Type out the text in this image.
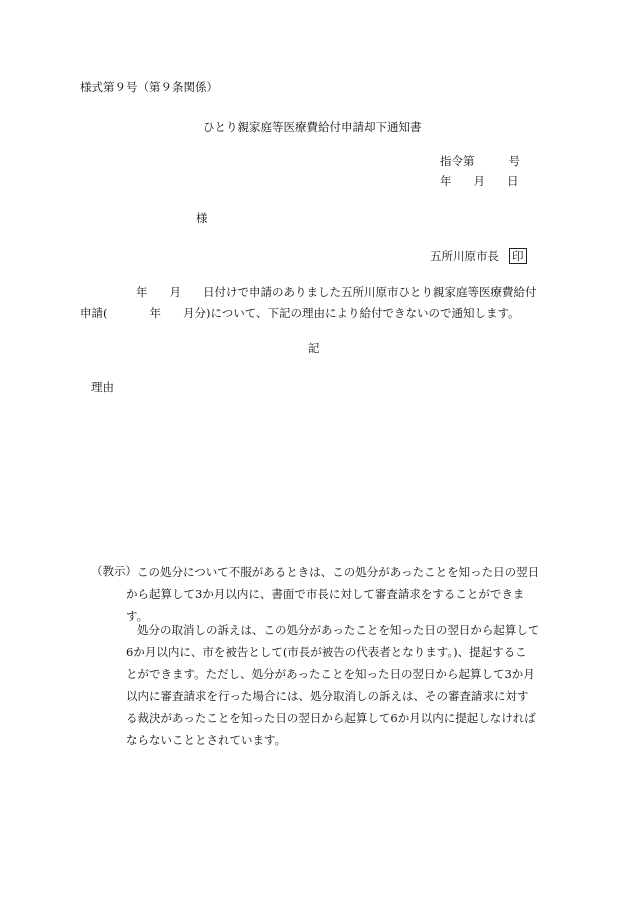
様式第９号（第９条関係）
ひとり親家庭等医療費給付申請却下通知書
指令第	号
年 月 日
様
五所川原市長 印
年 月 日付けで申請のありました五所川原市ひとり親家庭等医療費給付
申請(	年 月分)について、下記の理由により給付できないので通知します。
記
理由
（教示） この処分について不服があるときは、この処分があったことを知った日の翌日
から起算して3か月以内に、書面で市長に対して審査請求をすることができま
す。
処分の取消しの訴えは、この処分があったことを知った日の翌日から起算して
6か月以内に、市を被告として(市長が被告の代表者となります。)、提起するこ
とができます。ただし、処分があったことを知った日の翌日から起算して3か月
以内に審査請求を行った場合には、処分取消しの訴えは、その審査請求に対す
る裁決があったことを知った日の翌日から起算して6か月以内に提起しなければ
ならないこととされています。
